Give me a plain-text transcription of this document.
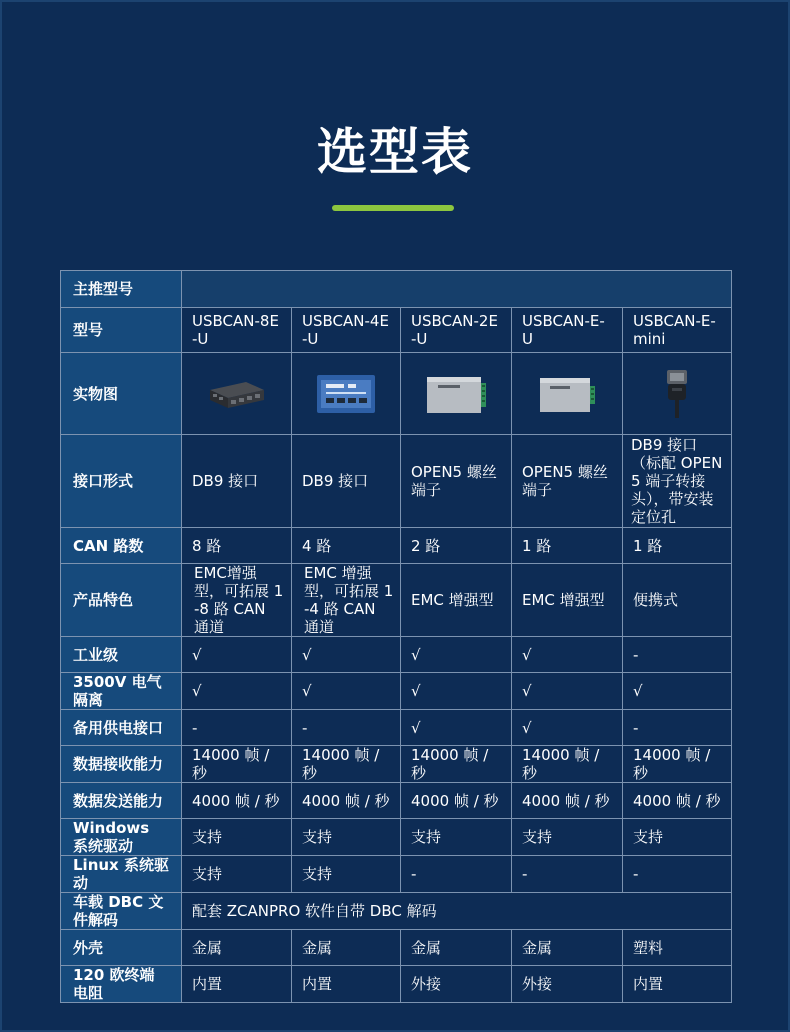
选型表
主推型号					
型号	USBCAN-8E-U	USBCAN-4E-U	USBCAN-2E-U	USBCAN-E-U	USBCAN-E-mini
实物图	

接口形式	DB9 接口	DB9 接口	OPEN5 螺丝端子	OPEN5 螺丝端子	DB9 接口（标配 OPEN5 端子转接头），带安装定位孔
CAN 路数	8 路	4 路	2 路	1 路	1 路
产品特色	EMC增强型，可拓展 1-8 路 CAN 通道	EMC 增强型，可拓展 1-4 路 CAN 通道	EMC 增强型	EMC 增强型	便携式
工业级	√	√	√	√	-
3500V 电气隔离	√	√	√	√	√
备用供电接口	-	-	√	√	-
数据接收能力	14000 帧 / 秒	14000 帧 / 秒	14000 帧 / 秒	14000 帧 / 秒	14000 帧 / 秒
数据发送能力	4000 帧 / 秒	4000 帧 / 秒	4000 帧 / 秒	4000 帧 / 秒	4000 帧 / 秒
Windows 系统驱动	支持	支持	支持	支持	支持
Linux 系统驱动	支持	支持	-	-	-
车载 DBC 文件解码	配套 ZCANPRO 软件自带 DBC 解码				
外壳	金属	金属	金属	金属	塑料
120 欧终端电阻	内置	内置	外接	外接	内置
